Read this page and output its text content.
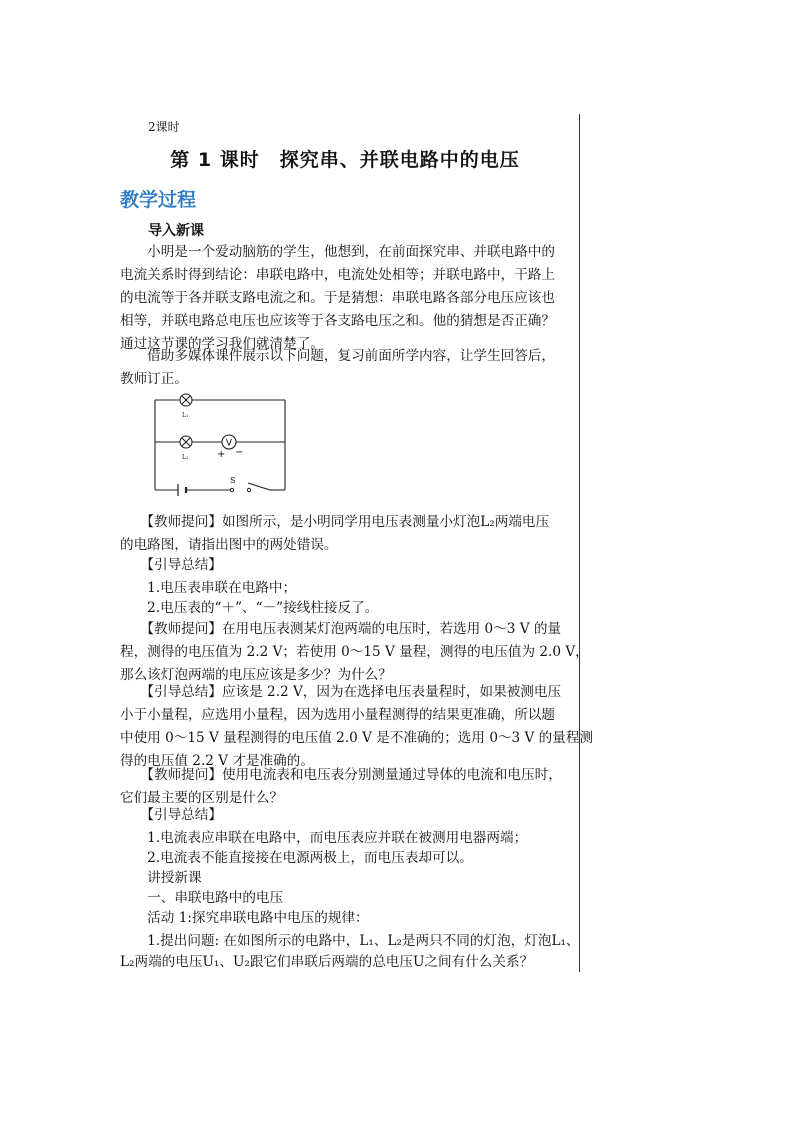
2课时
第 1 课时　探究串、并联电路中的电压
教学过程
导入新课
　　小明是一个爱动脑筋的学生，他想到，在前面探究串、并联电路中的
电流关系时得到结论：串联电路中，电流处处相等；并联电路中，干路上
的电流等于各并联支路电流之和。于是猜想：串联电路各部分电压应该也
相等，并联电路总电压也应该等于各支路电压之和。他的猜想是否正确？
通过这节课的学习我们就清楚了。
　　借助多媒体课件展示以下问题，复习前面所学内容，让学生回答后，
教师订正。
V
L₁
L₂	+ −
S
　　【教师提问】如图所示，是小明同学用电压表测量小灯泡L₂两端电压
的电路图，请指出图中的两处错误。
　　【引导总结】
　　1.电压表串联在电路中；
　　2.电压表的“＋”、“－”接线柱接反了。
　　【教师提问】在用电压表测某灯泡两端的电压时，若选用 0～3 V 的量
程，测得的电压值为 2.2 V；若使用 0～15 V 量程，测得的电压值为 2.0 V，
那么该灯泡两端的电压应该是多少？为什么？
　　【引导总结】应该是 2.2 V，因为在选择电压表量程时，如果被测电压
小于小量程，应选用小量程，因为选用小量程测得的结果更准确，所以题
中使用 0～15 V 量程测得的电压值 2.0 V 是不准确的；选用 0～3 V 的量程测
得的电压值 2.2 V 才是准确的。
　　【教师提问】使用电流表和电压表分别测量通过导体的电流和电压时，
它们最主要的区别是什么？
　　【引导总结】
　　1.电流表应串联在电路中，而电压表应并联在被测用电器两端；
　　2.电流表不能直接接在电源两极上，而电压表却可以。
　　讲授新课
　　一、串联电路中的电压
　　活动 1:探究串联电路中电压的规律：
　　1.提出问题: 在如图所示的电路中，L₁、L₂是两只不同的灯泡，灯泡L₁、
L₂两端的电压U₁、U₂跟它们串联后两端的总电压U之间有什么关系？
